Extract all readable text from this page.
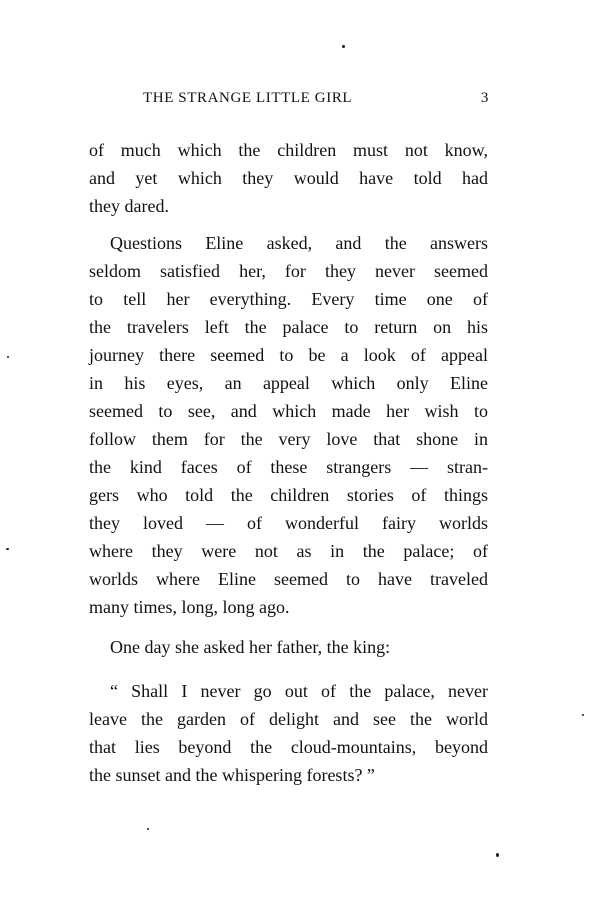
THE STRANGE LITTLE GIRL	3
of much which the children must not know,
and yet which they would have told had
they dared.
Questions Eline asked, and the answers
seldom satisfied her, for they never seemed
to tell her everything. Every time one of
the travelers left the palace to return on his
journey there seemed to be a look of appeal
in his eyes, an appeal which only Eline
seemed to see, and which made her wish to
follow them for the very love that shone in
the kind faces of these strangers — stran-
gers who told the children stories of things
they loved — of wonderful fairy worlds
where they were not as in the palace; of
worlds where Eline seemed to have traveled
many times, long, long ago.
One day she asked her father, the king:
“ Shall I never go out of the palace, never
leave the garden of delight and see the world
that lies beyond the cloud-mountains, beyond
the sunset and the whispering forests? ”
